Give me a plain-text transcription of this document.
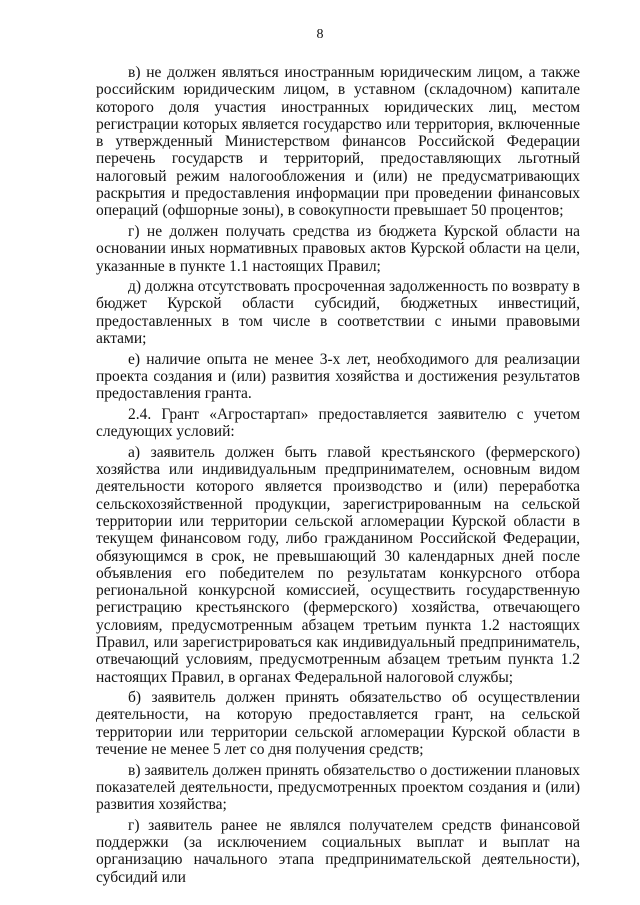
8

в) не должен являться иностранным юридическим лицом, а также российским юридическим лицом, в уставном (складочном) капитале которого доля участия иностранных юридических лиц, местом регистрации которых является государство или территория, включенные в утвержденный Министерством финансов Российской Федерации перечень государств и территорий, предоставляющих льготный налоговый режим налогообложения и (или) не предусматривающих раскрытия и предоставления информации при проведении финансовых операций (офшорные зоны), в совокупности превышает 50 процентов;

г) не должен получать средства из бюджета Курской области на основании иных нормативных правовых актов Курской области на цели, указанные в пункте 1.1 настоящих Правил;

д) должна отсутствовать просроченная задолженность по возврату в бюджет Курской области субсидий, бюджетных инвестиций, предоставленных в том числе в соответствии с иными правовыми актами;

е) наличие опыта не менее 3-х лет, необходимого для реализации проекта создания и (или) развития хозяйства и достижения результатов предоставления гранта.

2.4. Грант «Агростартап» предоставляется заявителю с учетом следующих условий:

а) заявитель должен быть главой крестьянского (фермерского) хозяйства или индивидуальным предпринимателем, основным видом деятельности которого является производство и (или) переработка сельскохозяйственной продукции, зарегистрированным на сельской территории или территории сельской агломерации Курской области в текущем финансовом году, либо гражданином Российской Федерации, обязующимся в срок, не превышающий 30 календарных дней после объявления его победителем по результатам конкурсного отбора региональной конкурсной комиссией, осуществить государственную регистрацию крестьянского (фермерского) хозяйства, отвечающего условиям, предусмотренным абзацем третьим пункта 1.2 настоящих Правил, или зарегистрироваться как индивидуальный предприниматель, отвечающий условиям, предусмотренным абзацем третьим пункта 1.2 настоящих Правил, в органах Федеральной налоговой службы;

б) заявитель должен принять обязательство об осуществлении деятельности, на которую предоставляется грант, на сельской территории или территории сельской агломерации Курской области в течение не менее 5 лет со дня получения средств;

в) заявитель должен принять обязательство о достижении плановых показателей деятельности, предусмотренных проектом создания и (или) развития хозяйства;

г) заявитель ранее не являлся получателем средств финансовой поддержки (за исключением социальных выплат и выплат на организацию начального этапа предпринимательской деятельности), субсидий или
